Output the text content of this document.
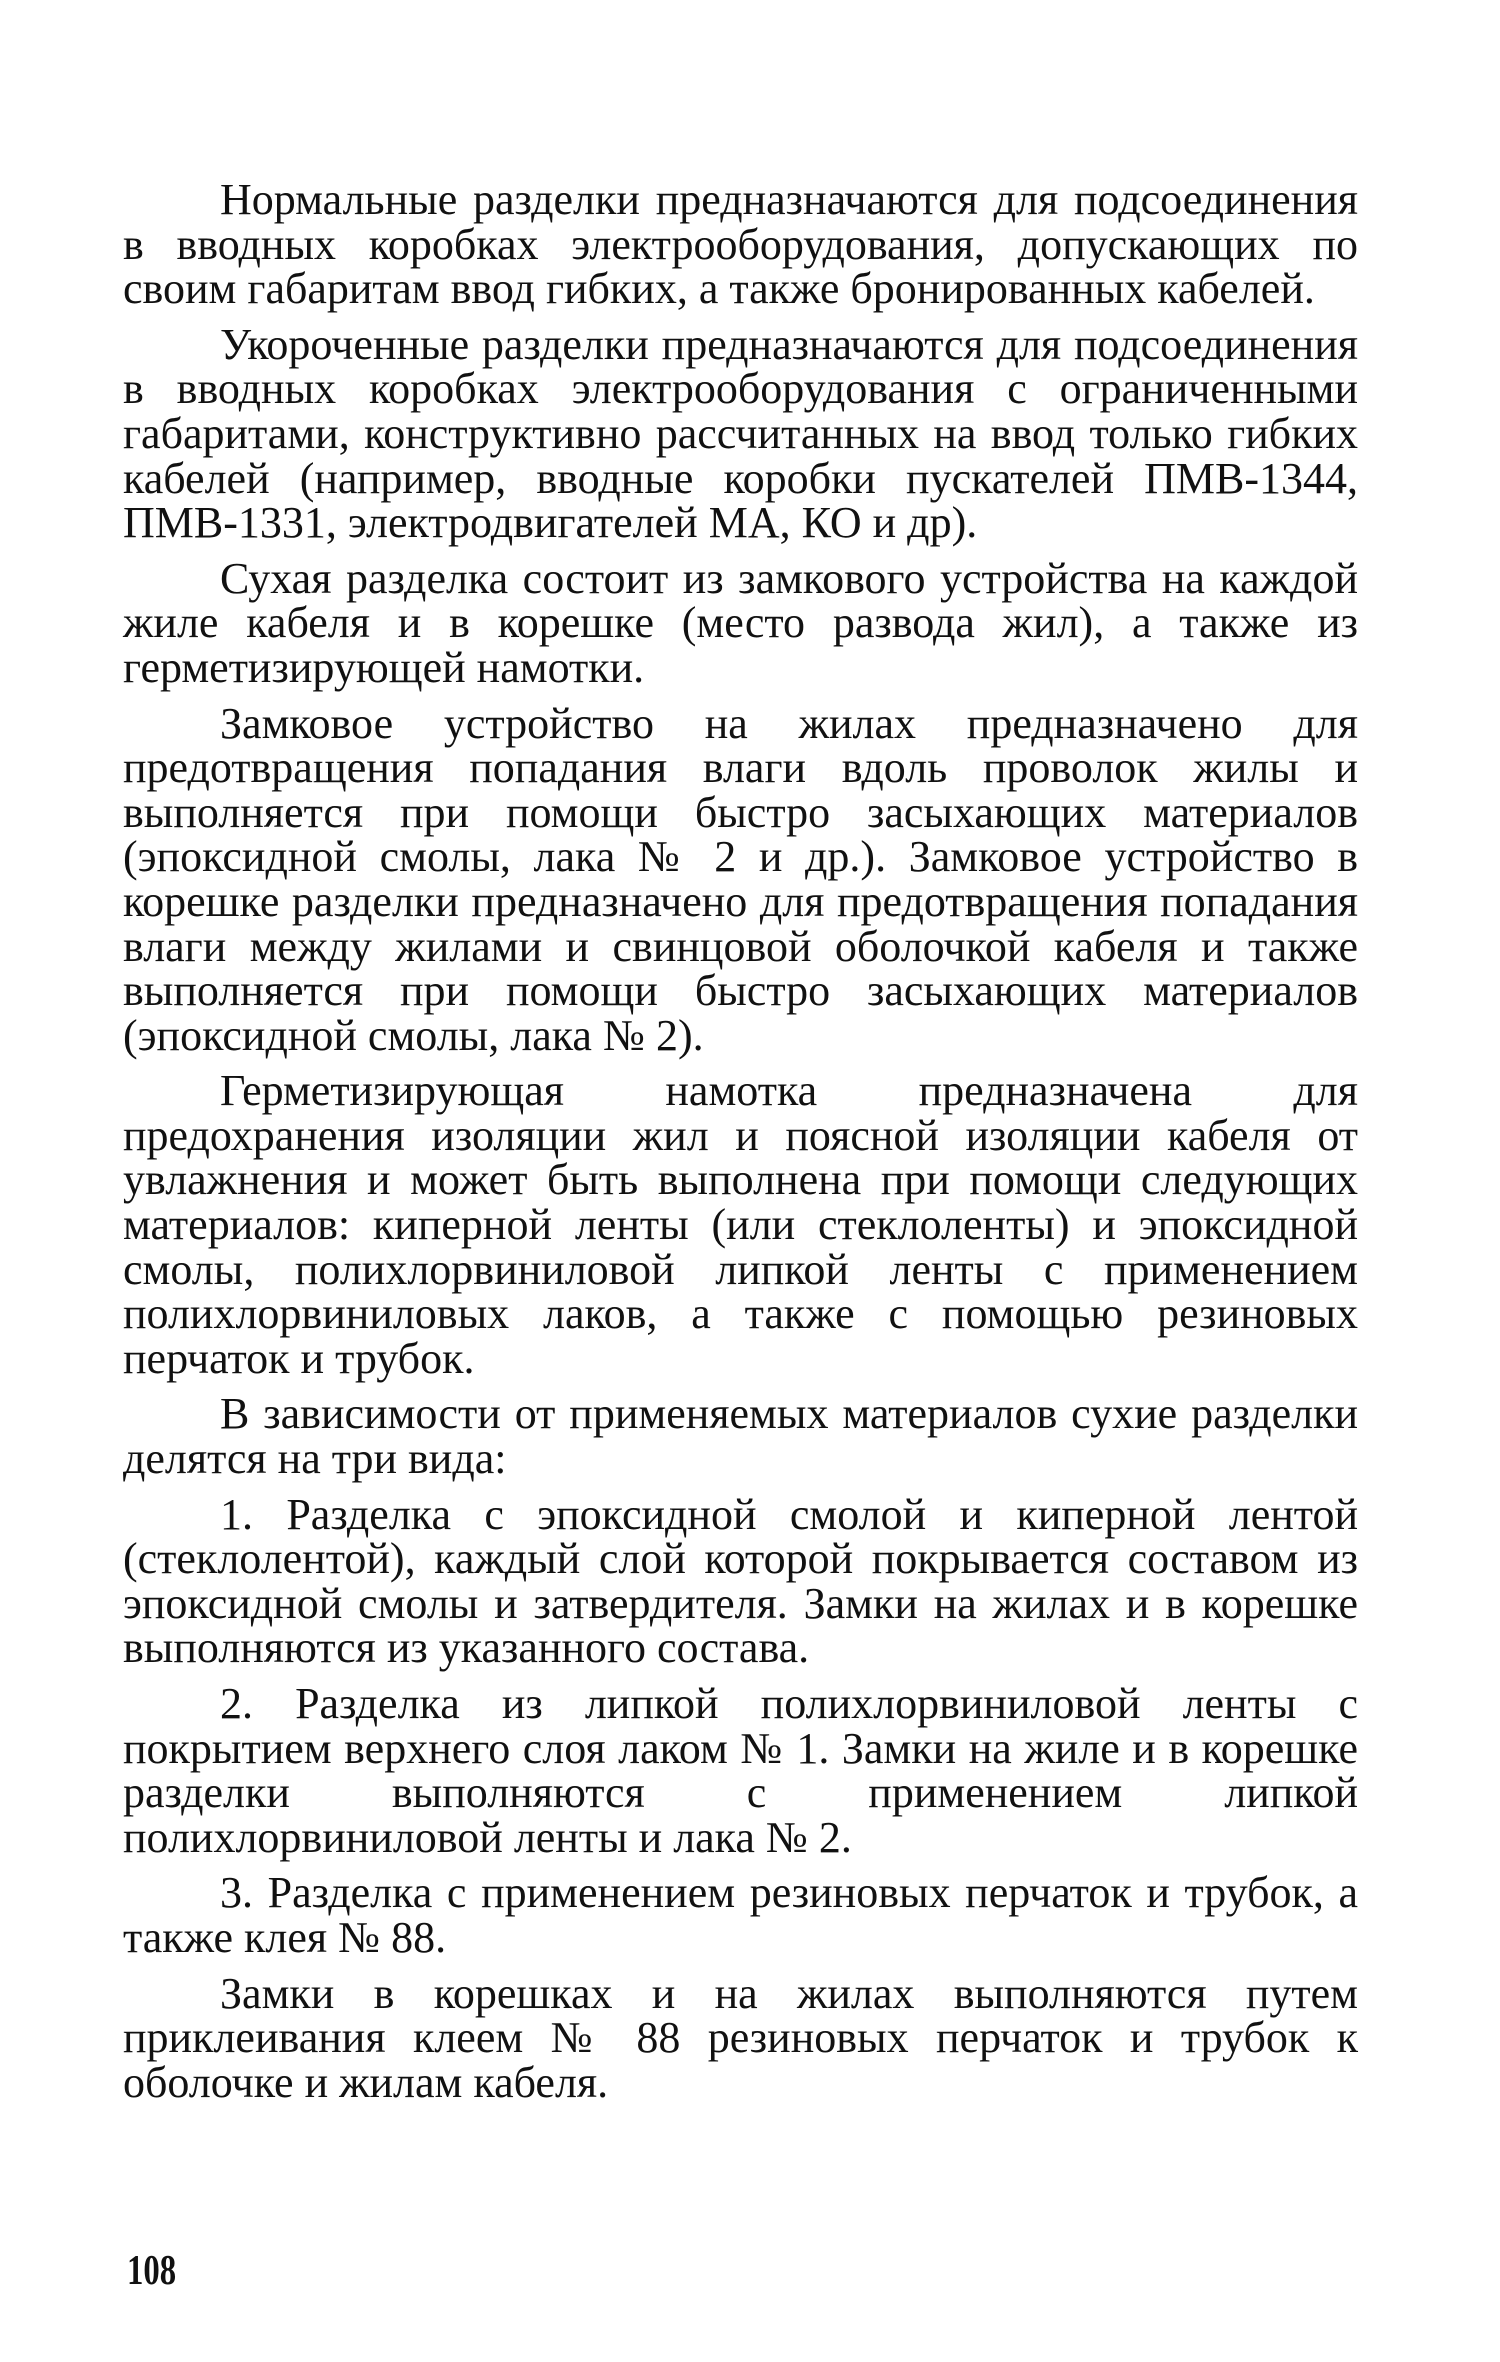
Нормальные разделки предназначаются для подсоединения в вводных коробках электрооборудования, допускающих по своим габаритам ввод гибких, а также бронированных кабелей.

Укороченные разделки предназначаются для подсоединения в вводных коробках электрооборудования с ограниченными габаритами, конструктивно рассчитанных на ввод только гибких кабелей (например, вводные коробки пускателей ПМВ-1344, ПМВ-1331, электродвигателей МА, КО и др).

Сухая разделка состоит из замкового устройства на каждой жиле кабеля и в корешке (место развода жил), а также из герметизирующей намотки.

Замковое устройство на жилах предназначено для предотвращения попадания влаги вдоль проволок жилы и выполняется при помощи быстро засыхающих материалов (эпоксидной смолы, лака № 2 и др.). Замковое устройство в корешке разделки предназначено для предотвращения попадания влаги между жилами и свинцовой оболочкой кабеля и также выполняется при помощи быстро засыхающих материалов (эпоксидной смолы, лака № 2).

Герметизирующая намотка предназначена для предохранения изоляции жил и поясной изоляции кабеля от увлажнения и может быть выполнена при помощи следующих материалов: киперной ленты (или стеклоленты) и эпоксидной смолы, полихлорвиниловой липкой ленты с применением полихлорвиниловых лаков, а также с помощью резиновых перчаток и трубок.

В зависимости от применяемых материалов сухие разделки делятся на три вида:

1. Разделка с эпоксидной смолой и киперной лентой (стеклолентой), каждый слой которой покрывается составом из эпоксидной смолы и затвердителя. Замки на жилах и в корешке выполняются из указанного состава.

2. Разделка из липкой полихлорвиниловой ленты с покрытием верхнего слоя лаком № 1. Замки на жиле и в корешке разделки выполняются с применением липкой полихлорвиниловой ленты и лака № 2.

3. Разделка с применением резиновых перчаток и трубок, а также клея № 88.

Замки в корешках и на жилах выполняются путем приклеивания клеем № 88 резиновых перчаток и трубок к оболочке и жилам кабеля.

108
